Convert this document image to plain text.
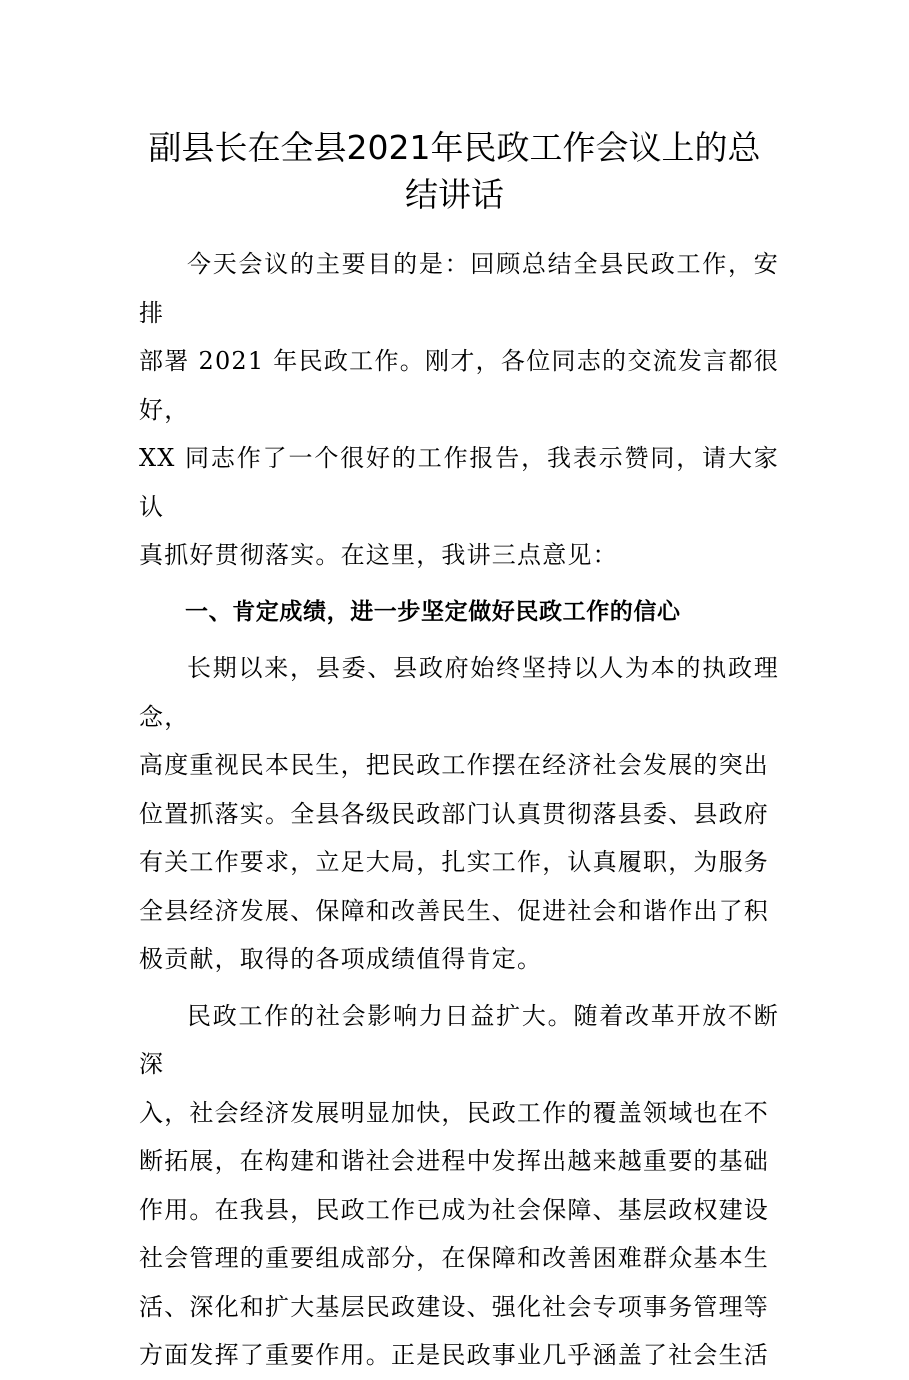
副县长在全县2021年民政工作会议上的总
结讲话

今天会议的主要目的是：回顾总结全县民政工作，安排
部署 2021 年民政工作。刚才，各位同志的交流发言都很好，
XX 同志作了一个很好的工作报告，我表示赞同，请大家认
真抓好贯彻落实。在这里，我讲三点意见：

一、肯定成绩，进一步坚定做好民政工作的信心

长期以来，县委、县政府始终坚持以人为本的执政理念，
高度重视民本民生，把民政工作摆在经济社会发展的突出
位置抓落实。全县各级民政部门认真贯彻落县委、县政府
有关工作要求，立足大局，扎实工作，认真履职，为服务
全县经济发展、保障和改善民生、促进社会和谐作出了积
极贡献，取得的各项成绩值得肯定。

民政工作的社会影响力日益扩大。随着改革开放不断深
入，社会经济发展明显加快，民政工作的覆盖领域也在不
断拓展，在构建和谐社会进程中发挥出越来越重要的基础
作用。在我县，民政工作已成为社会保障、基层政权建设
社会管理的重要组成部分，在保障和改善困难群众基本生
活、深化和扩大基层民政建设、强化社会专项事务管理等
方面发挥了重要作用。正是民政事业几乎涵盖了社会生活
